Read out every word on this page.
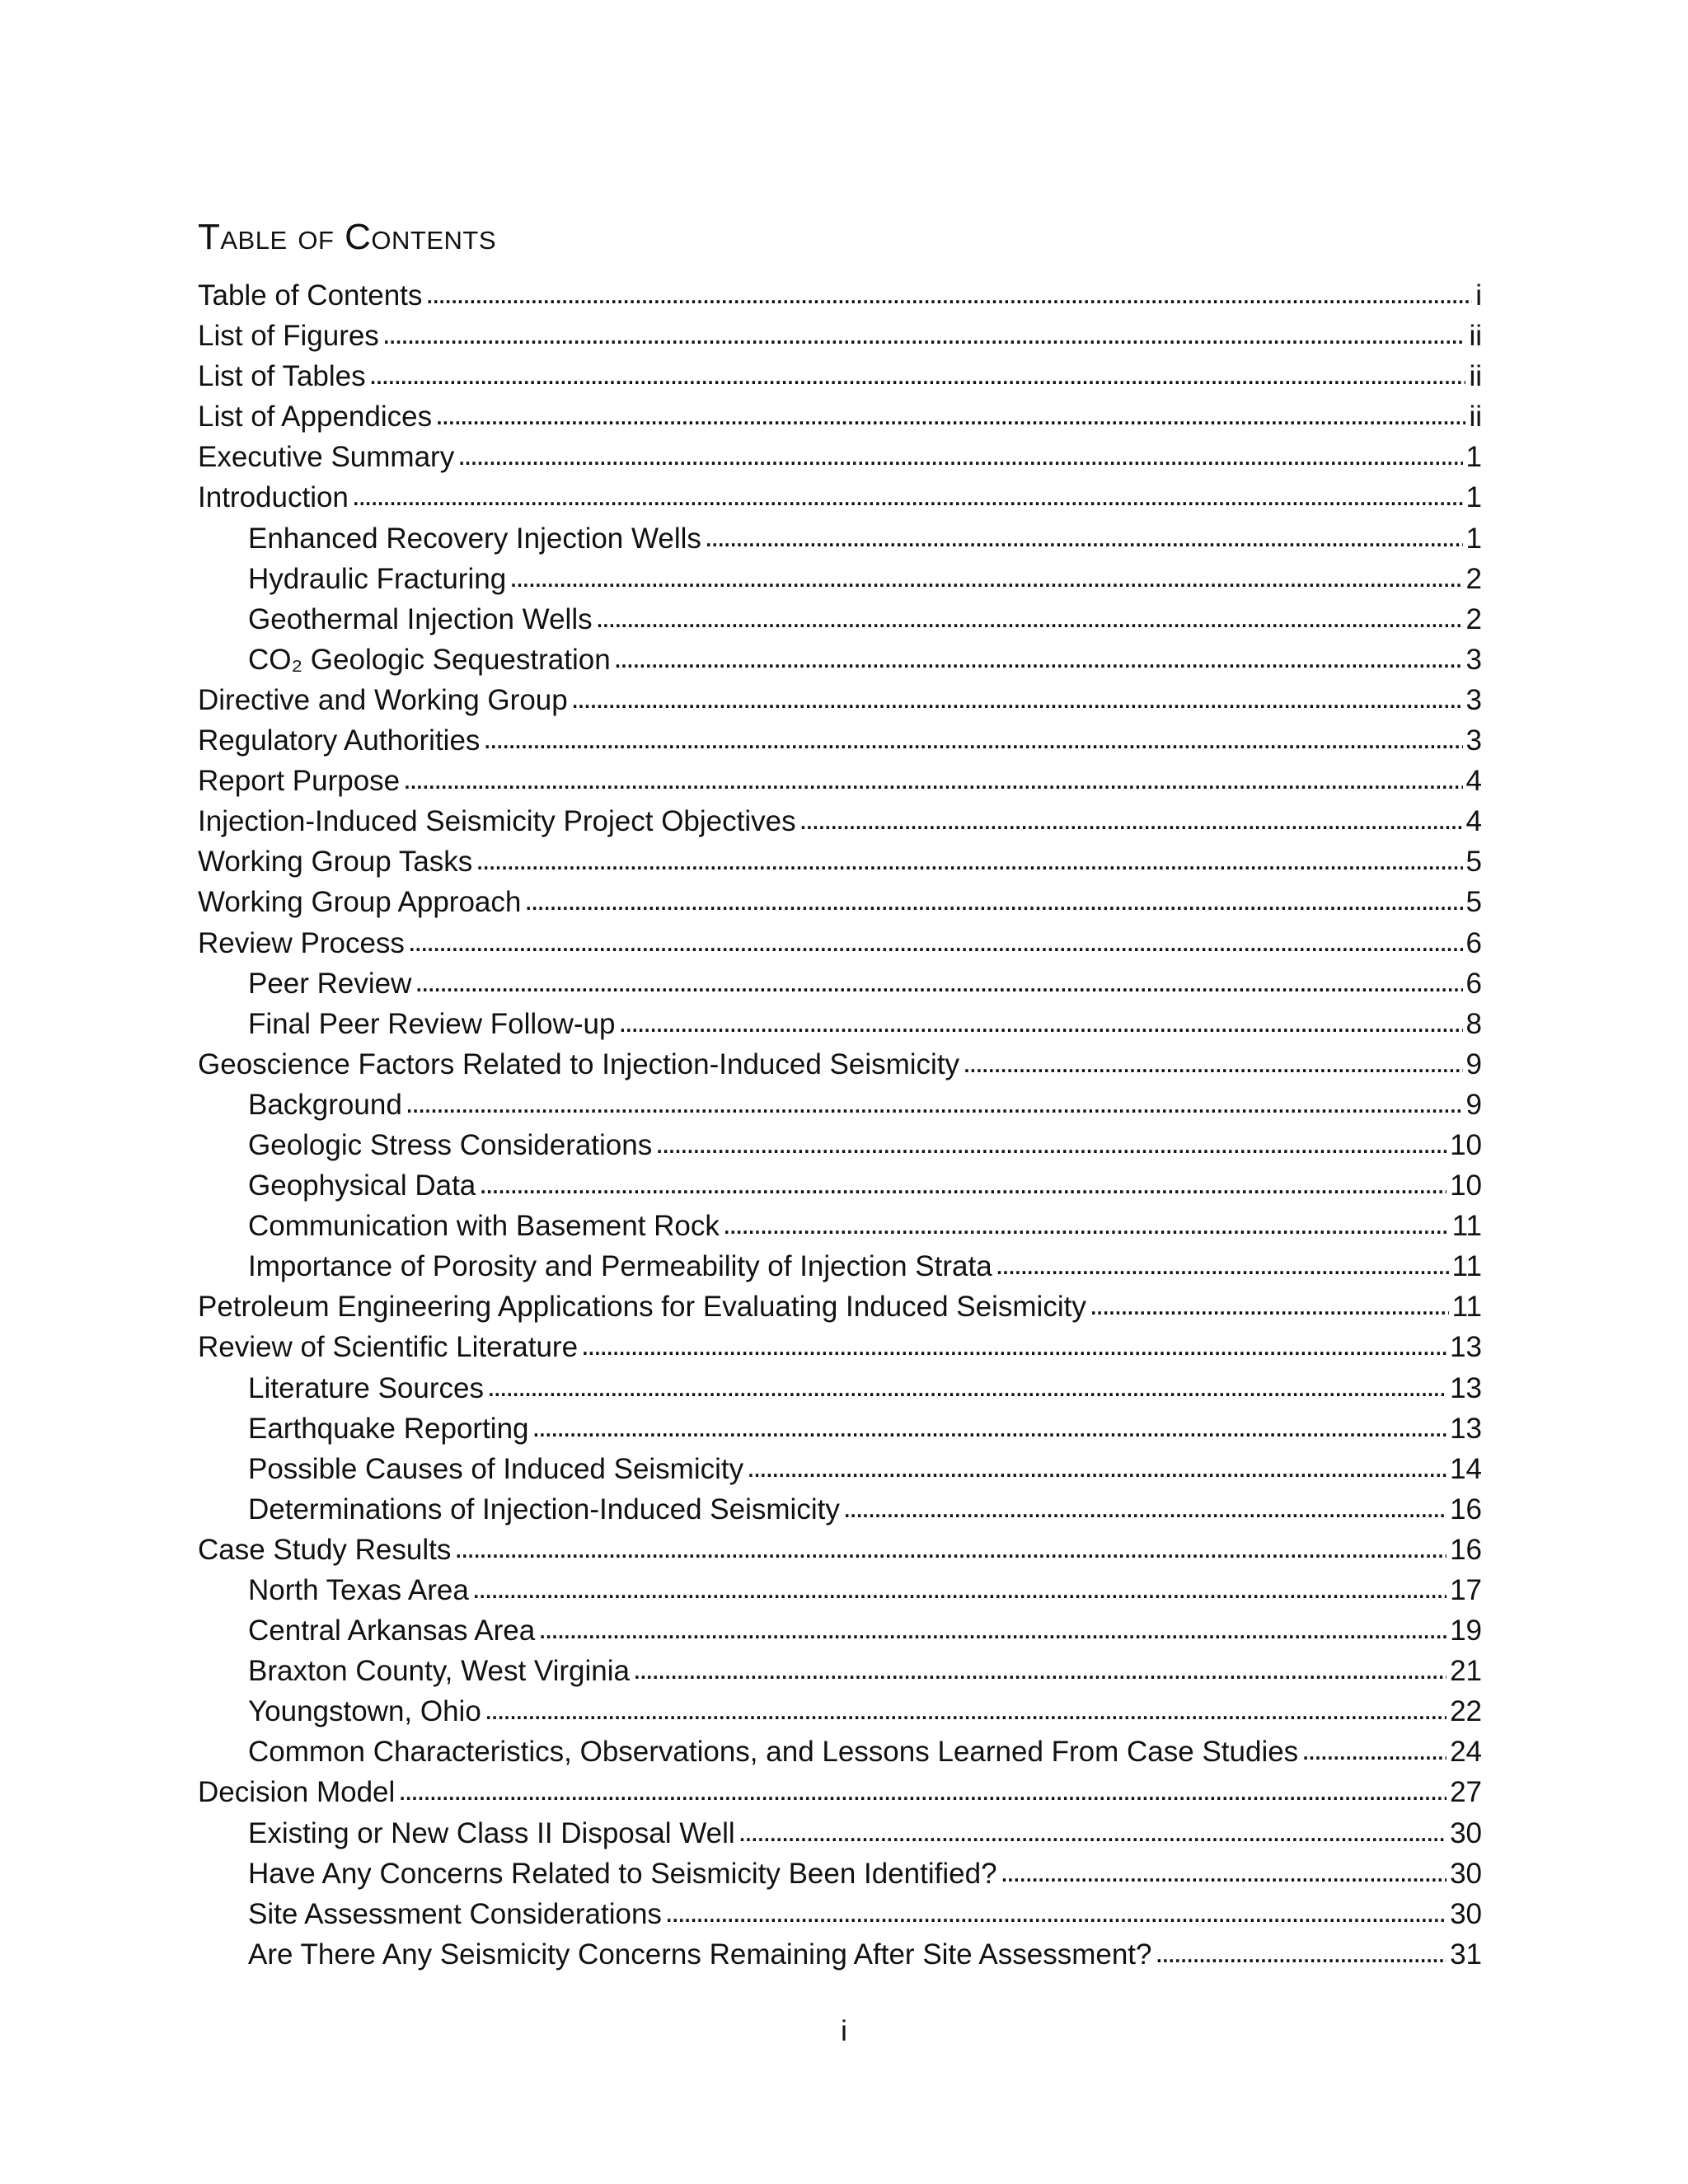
Table of Contents
Table of Contents . . .	i
List of Figures . . .	ii
List of Tables . . .	ii
List of Appendices . . .	ii
Executive Summary . . .	1
Introduction . . .	1
Enhanced Recovery Injection Wells . . .	1
Hydraulic Fracturing . . .	2
Geothermal Injection Wells . . .	2
CO₂ Geologic Sequestration . . .	3
Directive and Working Group . . .	3
Regulatory Authorities . . .	3
Report Purpose . . .	4
Injection-Induced Seismicity Project Objectives . . .	4
Working Group Tasks . . .	5
Working Group Approach . . .	5
Review Process . . .	6
Peer Review . . .	6
Final Peer Review Follow-up . . .	8
Geoscience Factors Related to Injection-Induced Seismicity . . .	9
Background . . .	9
Geologic Stress Considerations . . .	10
Geophysical Data . . .	10
Communication with Basement Rock . . .	11
Importance of Porosity and Permeability of Injection Strata . . .	11
Petroleum Engineering Applications for Evaluating Induced Seismicity . . .	11
Review of Scientific Literature . . .	13
Literature Sources . . .	13
Earthquake Reporting . . .	13
Possible Causes of Induced Seismicity . . .	14
Determinations of Injection-Induced Seismicity . . .	16
Case Study Results . . .	16
North Texas Area . . .	17
Central Arkansas Area . . .	19
Braxton County, West Virginia . . .	21
Youngstown, Ohio . . .	22
Common Characteristics, Observations, and Lessons Learned From Case Studies . . .	24
Decision Model . . .	27
Existing or New Class II Disposal Well . . .	30
Have Any Concerns Related to Seismicity Been Identified? . . .	30
Site Assessment Considerations . . .	30
Are There Any Seismicity Concerns Remaining After Site Assessment? . . .	31
i
